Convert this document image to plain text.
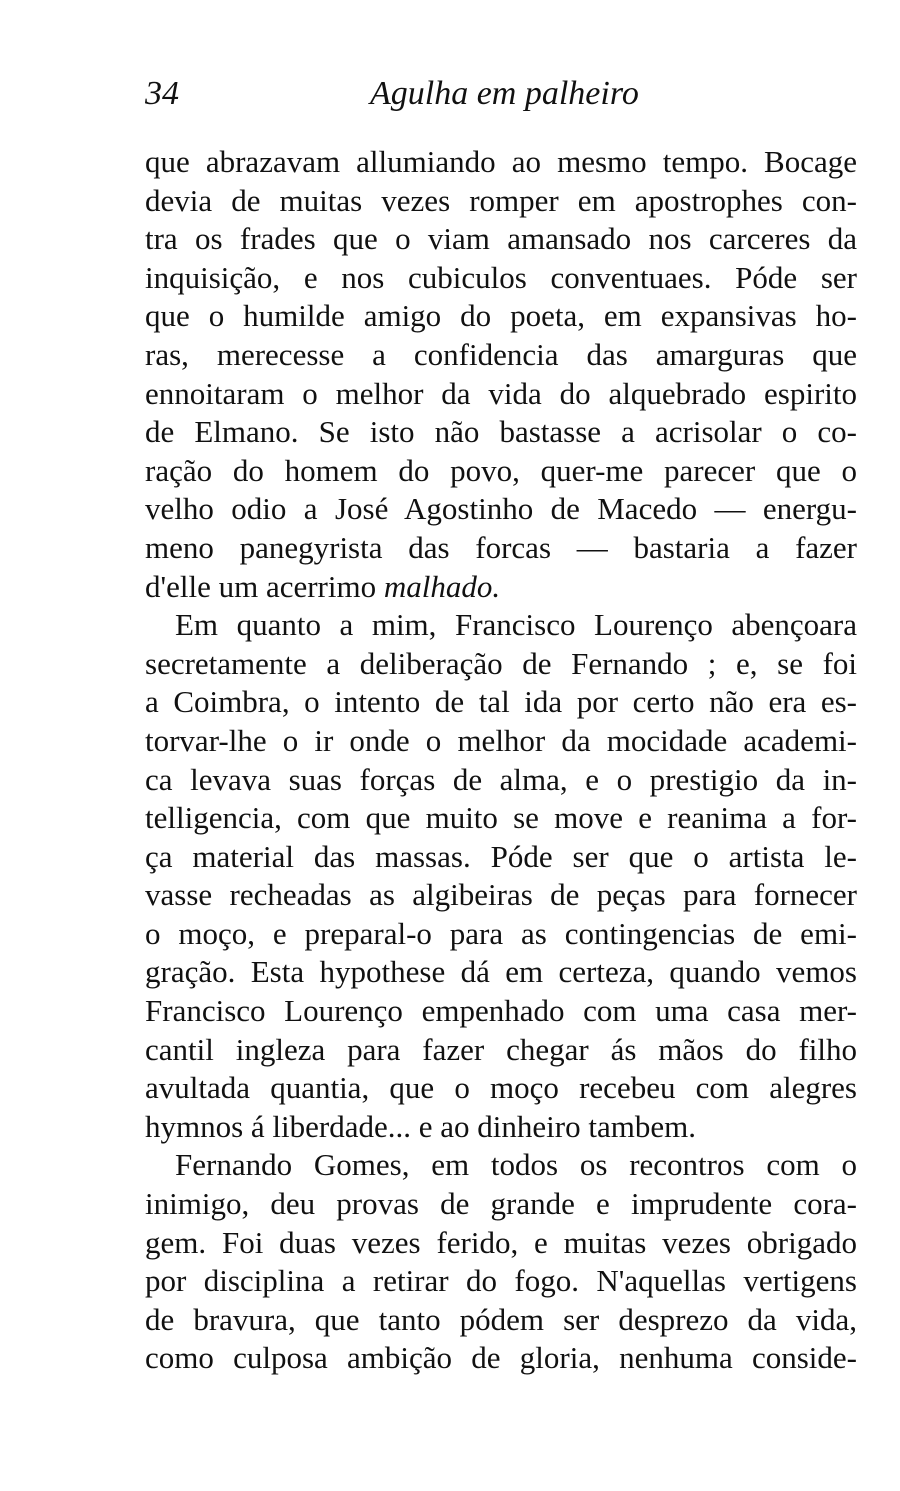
34	Agulha em palheiro
que abrazavam allumiando ao mesmo tempo. Bocage
devia de muitas vezes romper em apostrophes con-
tra os frades que o viam amansado nos carceres da
inquisição, e nos cubiculos conventuaes. Póde ser
que o humilde amigo do poeta, em expansivas ho-
ras, merecesse a confidencia das amarguras que
ennoitaram o melhor da vida do alquebrado espirito
de Elmano. Se isto não bastasse a acrisolar o co-
ração do homem do povo, quer-me parecer que o
velho odio a José Agostinho de Macedo — energu-
meno panegyrista das forcas — bastaria a fazer
d'elle um acerrimo malhado.
Em quanto a mim, Francisco Lourenço abençoara
secretamente a deliberação de Fernando ; e, se foi
a Coimbra, o intento de tal ida por certo não era es-
torvar-lhe o ir onde o melhor da mocidade academi-
ca levava suas forças de alma, e o prestigio da in-
telligencia, com que muito se move e reanima a for-
ça material das massas. Póde ser que o artista le-
vasse recheadas as algibeiras de peças para fornecer
o moço, e preparal-o para as contingencias de emi-
gração. Esta hypothese dá em certeza, quando vemos
Francisco Lourenço empenhado com uma casa mer-
cantil ingleza para fazer chegar ás mãos do filho
avultada quantia, que o moço recebeu com alegres
hymnos á liberdade... e ao dinheiro tambem.
Fernando Gomes, em todos os recontros com o
inimigo, deu provas de grande e imprudente cora-
gem. Foi duas vezes ferido, e muitas vezes obrigado
por disciplina a retirar do fogo. N'aquellas vertigens
de bravura, que tanto pódem ser desprezo da vida,
como culposa ambição de gloria, nenhuma conside-
